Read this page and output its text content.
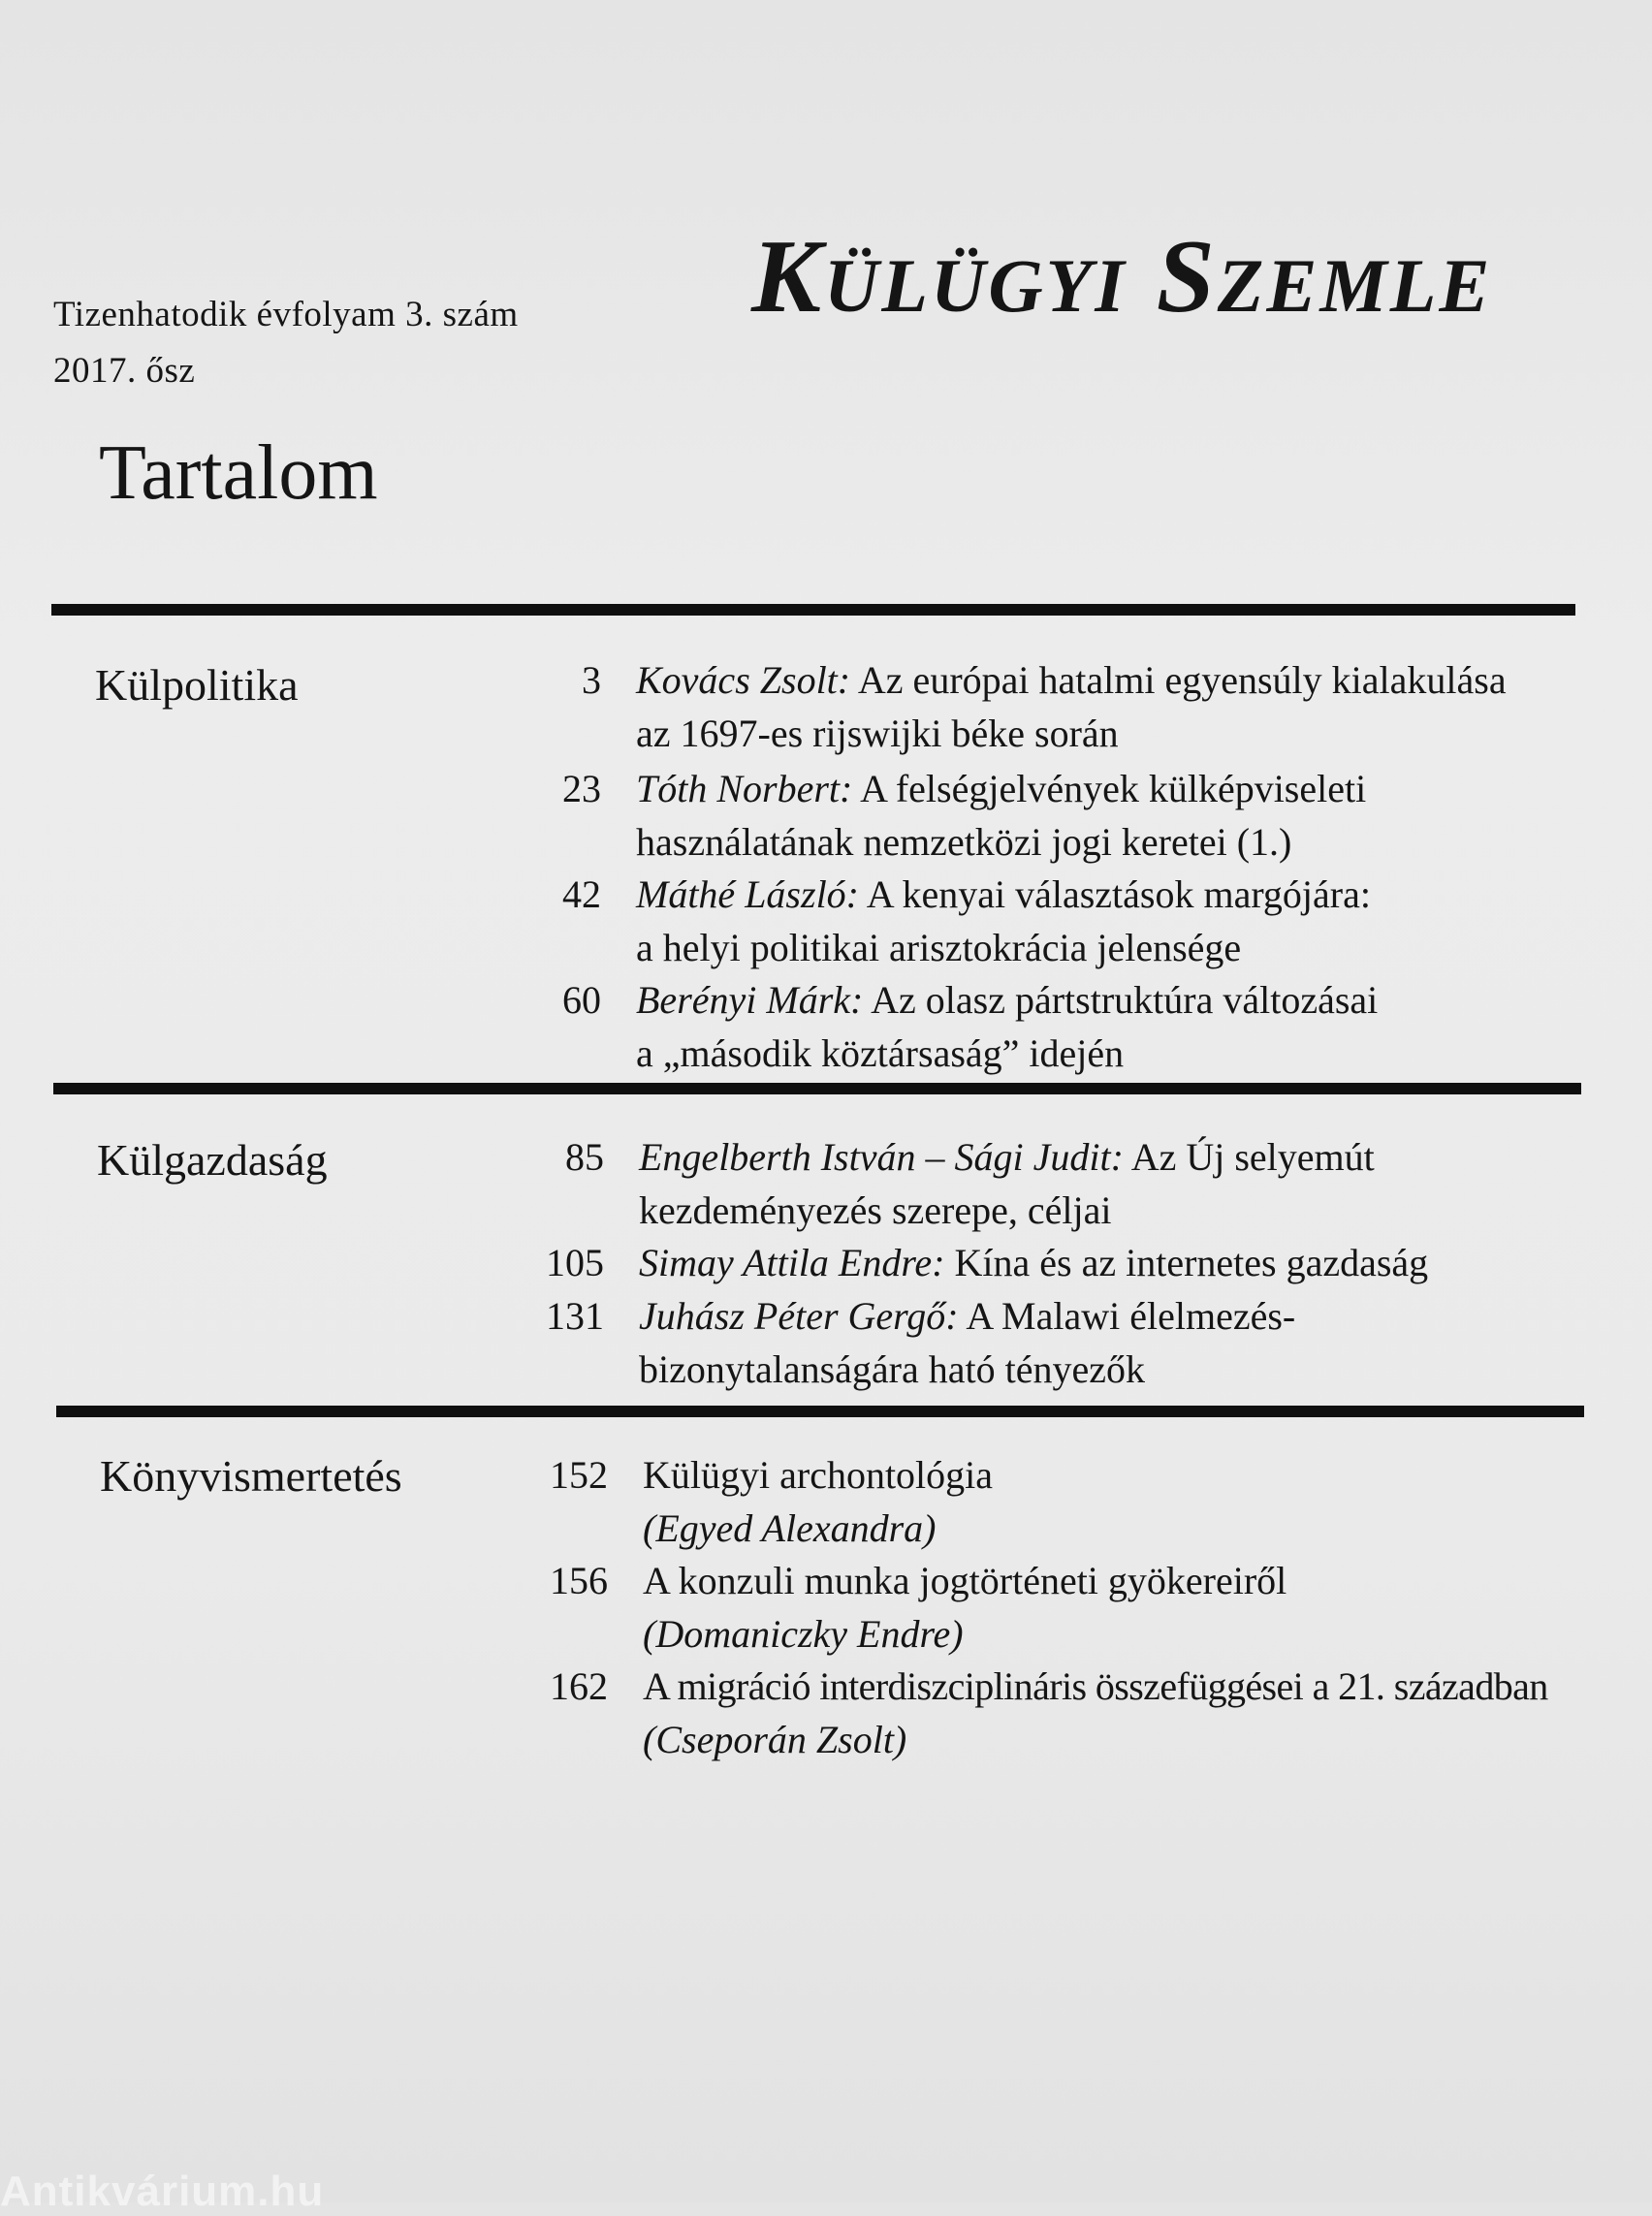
Tizenhatodik évfolyam 3. szám
2017. ősz
KÜLÜGYI SZEMLE
Tartalom
Külpolitika	3 Kovács Zsolt: Az európai hatalmi egyensúly kialakulása
az 1697-es rijswijki béke során
23 Tóth Norbert: A felségjelvények külképviseleti
használatának nemzetközi jogi keretei (1.)
42 Máthé László: A kenyai választások margójára:
a helyi politikai arisztokrácia jelensége
60 Berényi Márk: Az olasz pártstruktúra változásai
a „második köztársaság” idején
Külgazdaság	85 Engelberth István – Sági Judit: Az Új selyemút
kezdeményezés szerepe, céljai
105 Simay Attila Endre: Kína és az internetes gazdaság
131 Juhász Péter Gergő: A Malawi élelmezés-
bizonytalanságára ható tényezők
Könyvismertetés	152 Külügyi archontológia
(Egyed Alexandra)
156 A konzuli munka jogtörténeti gyökereiről
(Domaniczky Endre)
162 A migráció interdiszciplináris összefüggései a 21. században
(Cseporán Zsolt)
Antikvárium.hu
